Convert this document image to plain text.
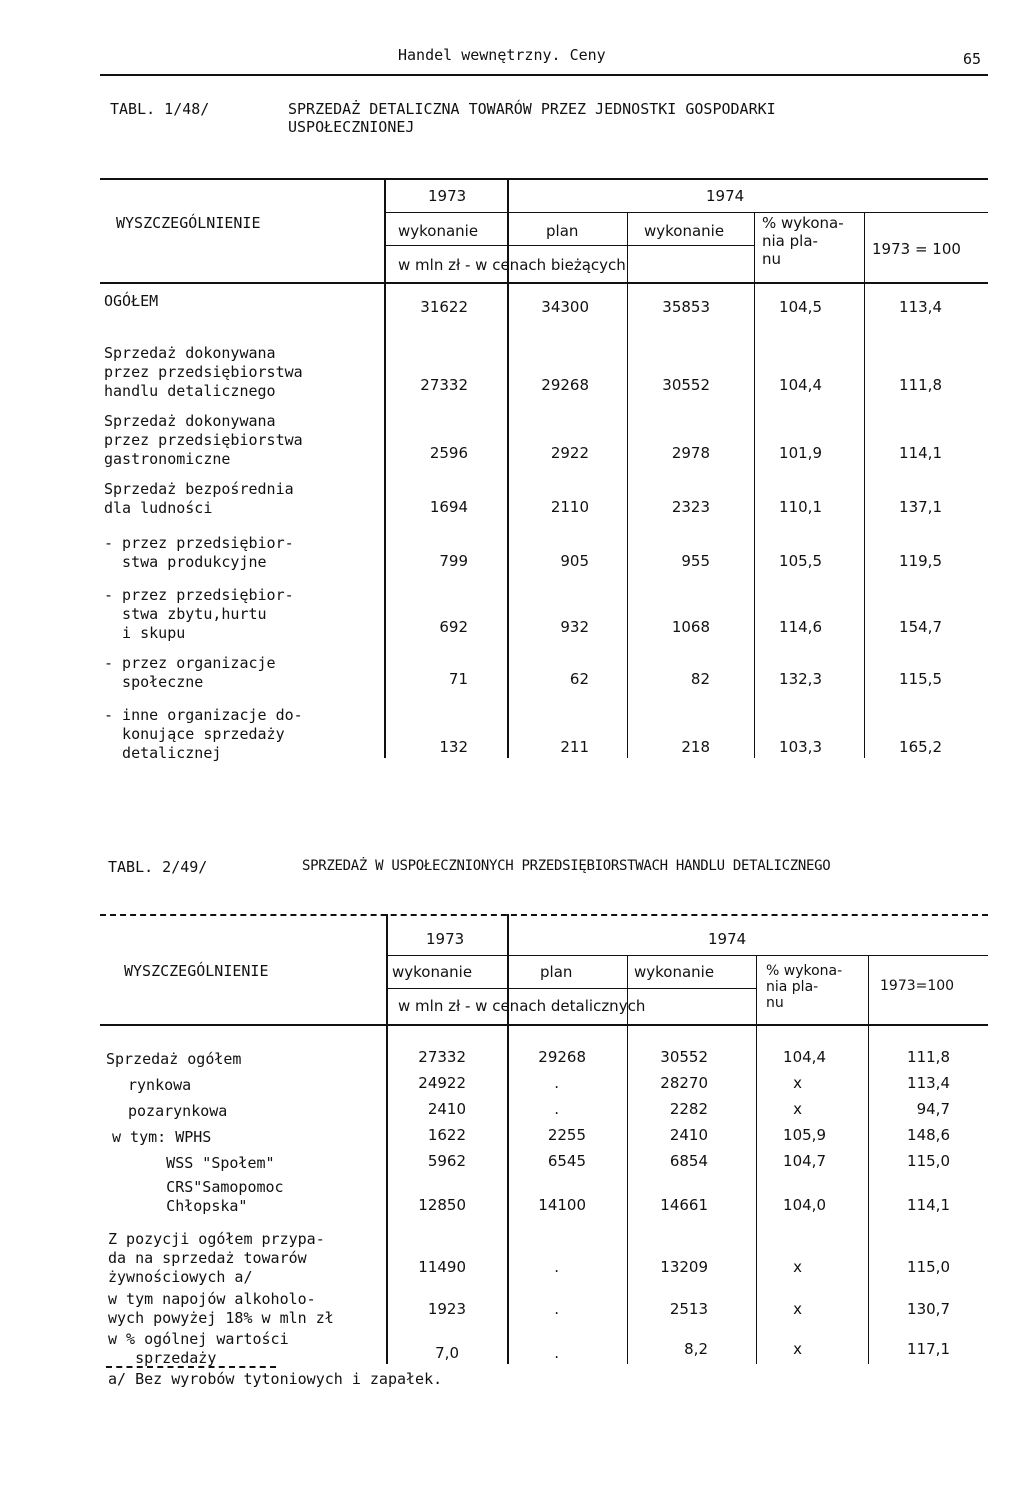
Handel wewnętrzny. Ceny	65
TABL. 1/48/	SPRZEDAŻ DETALICZNA TOWARÓW PRZEZ JEDNOSTKI GOSPODARKI
USPOŁECZNIONEJ
WYSZCZEGÓLNIENIE
1973	1974
wykonanie	plan	wykonanie	% wykona-
nia pla-
nu
1973 = 100
w mln zł - w cenach bieżących
OGÓŁEM	31622	34300	35853	104,5	113,4
Sprzedaż dokonywana
przez przedsiębiorstwa
handlu detalicznego	27332	29268	30552	104,4	111,8
Sprzedaż dokonywana
przez przedsiębiorstwa
gastronomiczne	2596	2922	2978	101,9	114,1
Sprzedaż bezpośrednia
dla ludności	1694	2110	2323	110,1	137,1
- przez przedsiębior-
stwa produkcyjne	799	905	955	105,5	119,5
- przez przedsiębior-
stwa zbytu,hurtu
i skupu	692	932	1068	114,6	154,7
- przez organizacje
społeczne	71	62	82	132,3	115,5
- inne organizacje do-
konujące sprzedaży
detalicznej	132	211	218	103,3	165,2
TABL. 2/49/	SPRZEDAŻ W USPOŁECZNIONYCH PRZEDSIĘBIORSTWACH HANDLU DETALICZNEGO
WYSZCZEGÓLNIENIE
1973	1974
wykonanie	plan	wykonanie	% wykona-
nia pla-
nu
1973=100
w mln zł - w cenach detalicznych
Sprzedaż ogółem	27332	29268	30552	104,4	111,8
rynkowa	24922	.	28270	x	113,4
pozarynkowa	2410	.	2282	x	94,7
w tym: WPHS	1622	2255	2410	105,9	148,6
WSS "Społem"	5962	6545	6854	104,7	115,0
CRS"Samopomoc
Chłopska"	12850	14100	14661	104,0	114,1
Z pozycji ogółem przypa-
da na sprzedaż towarów
żywnościowych a/
11490	.	13209	x	115,0
w tym napojów alkoholo-
wych powyżej 18% w mln zł	1923	.	2513	x	130,7
w % ogólnej wartości
sprzedaży	7,0	.	8,2	x	117,1
a/ Bez wyrobów tytoniowych i zapałek.
